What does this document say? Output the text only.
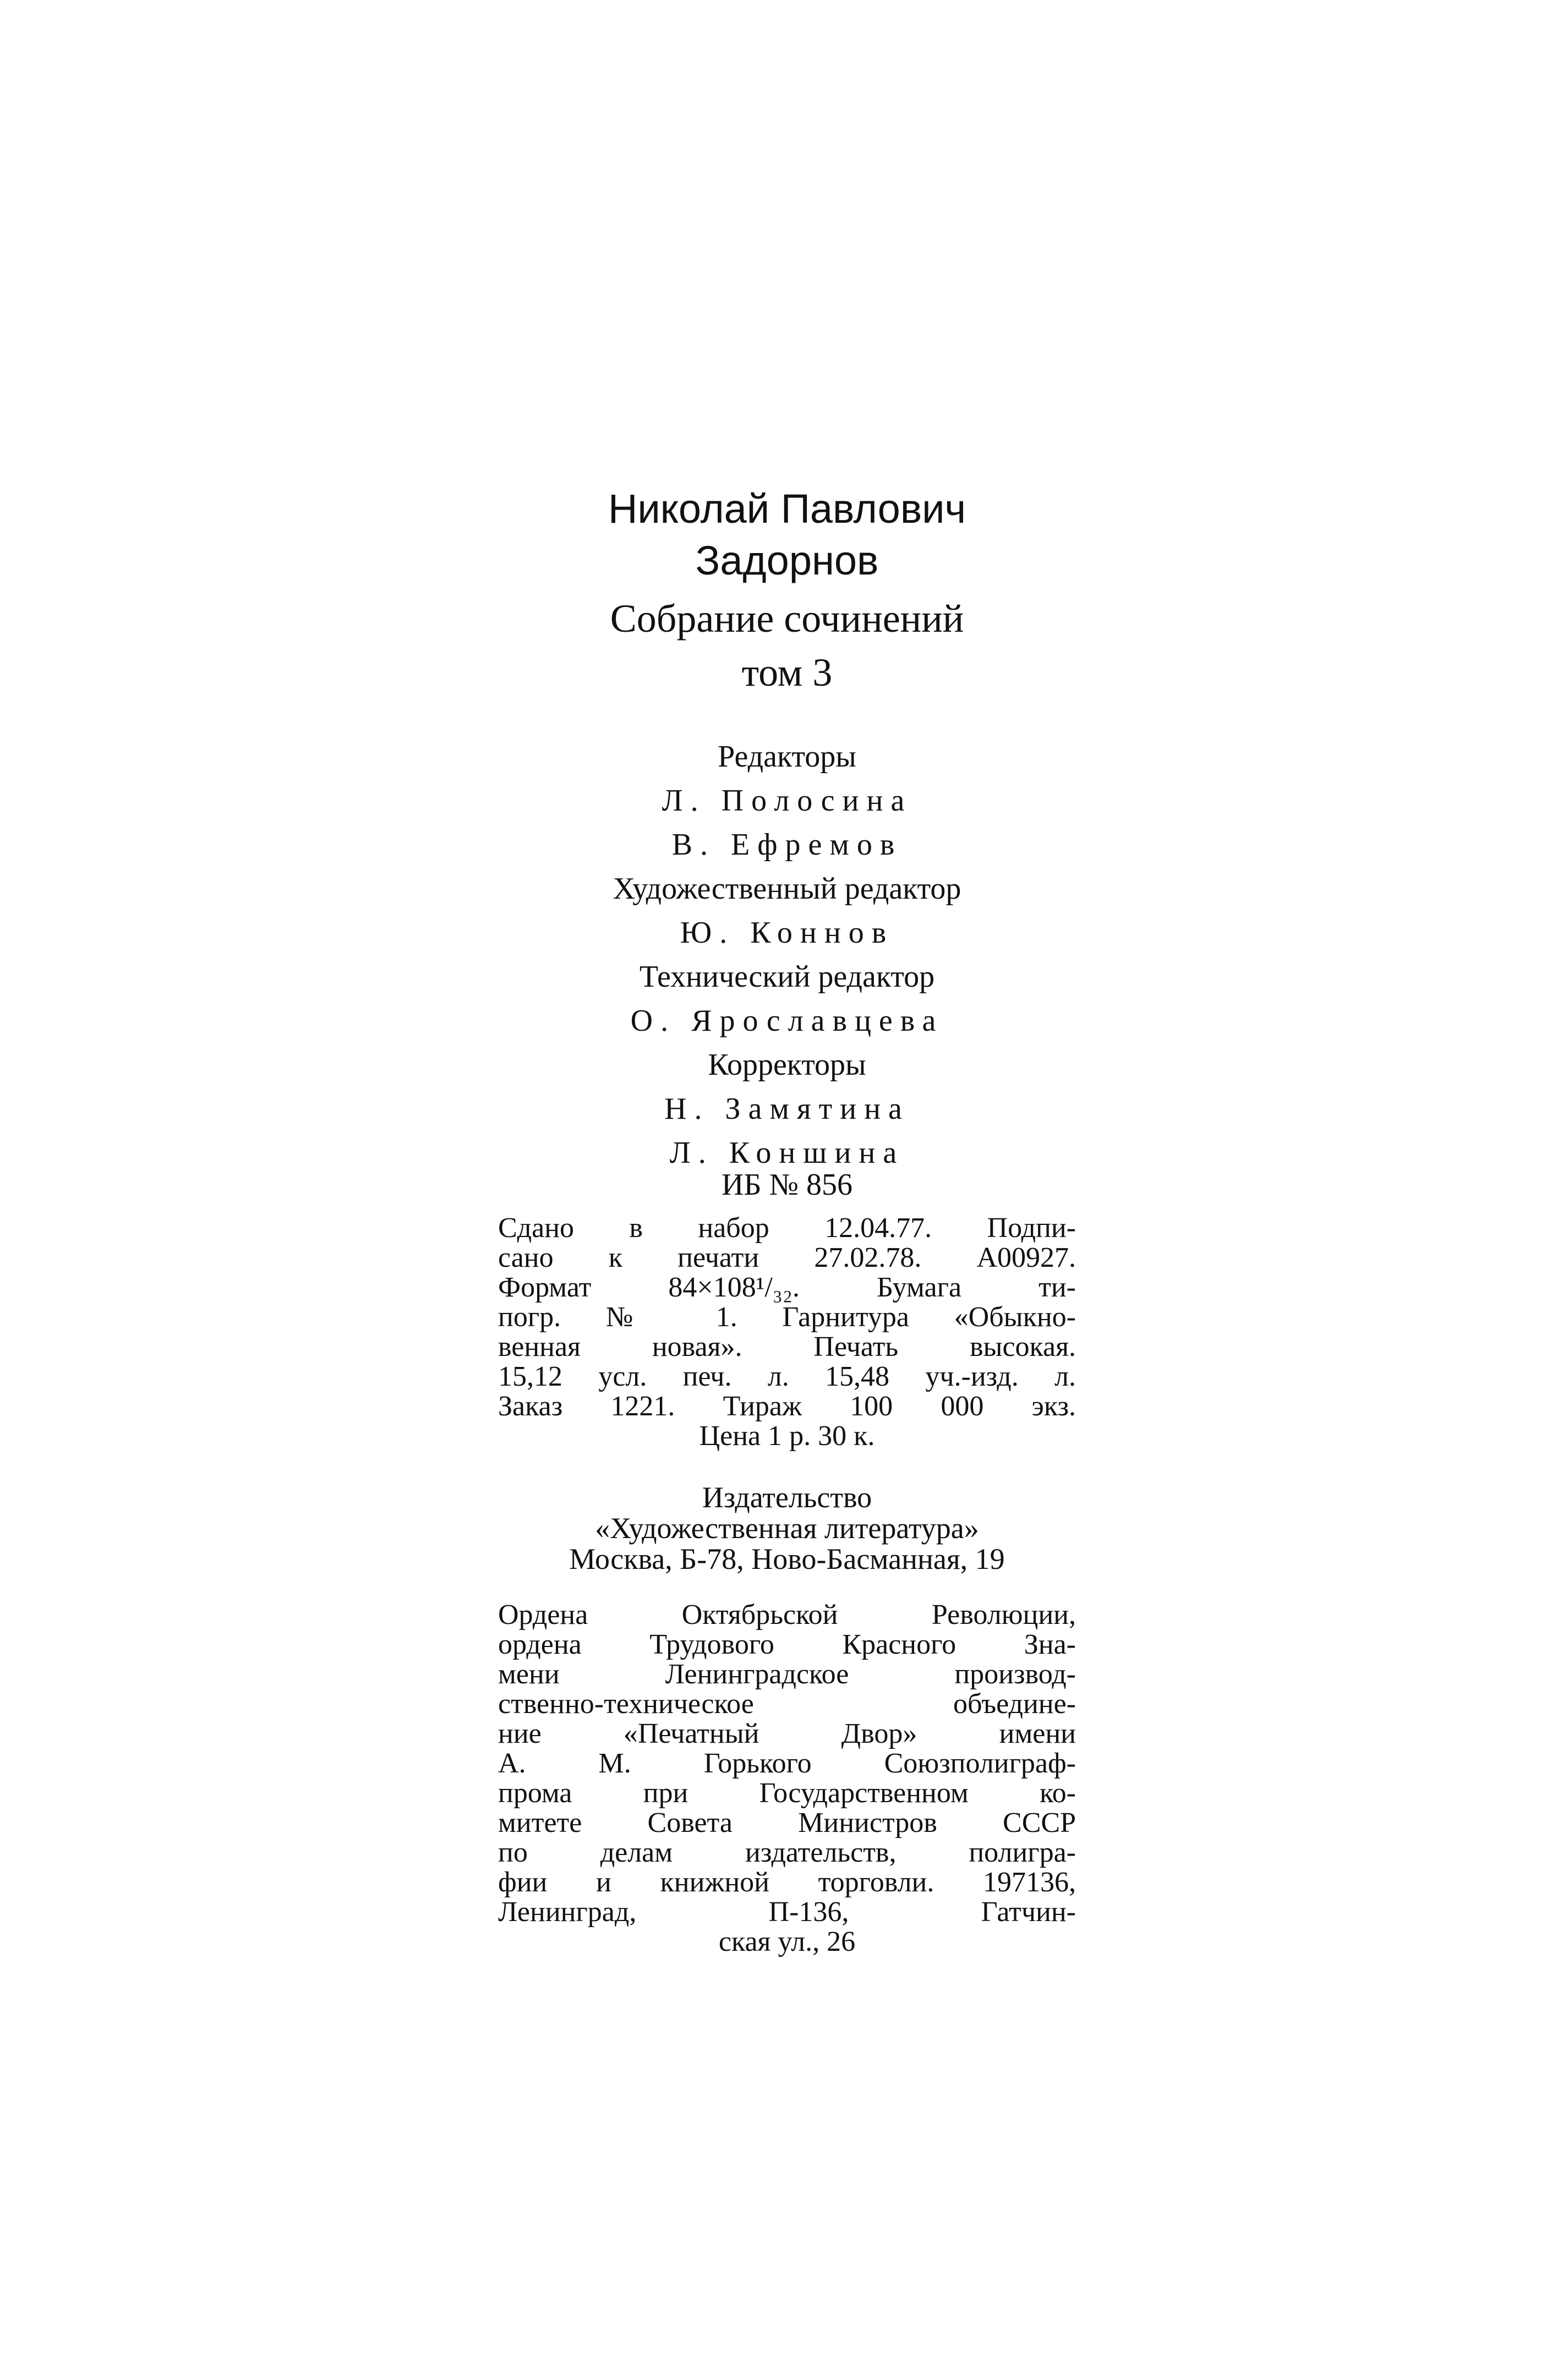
Николай Павлович
Задорнов
Собрание сочинений
том 3
Редакторы
Л. Полосина
В. Ефремов
Художественный редактор
Ю. Коннов
Технический редактор
О. Ярославцева
Корректоры
Н. Замятина
Л. Коншина
ИБ № 856
Сдано в набор 12.04.77. Подпи-
сано к печати 27.02.78. А00927.
Формат 84×108¹/₃₂. Бумага ти-
погр. № 1. Гарнитура «Обыкно-
венная новая». Печать высокая.
15,12 усл. печ. л. 15,48 уч.-изд. л.
Заказ 1221. Тираж 100 000 экз.
Цена 1 р. 30 к.
Издательство
«Художественная литература»
Москва, Б-78, Ново-Басманная, 19
Ордена Октябрьской Революции,
ордена Трудового Красного Зна-
мени Ленинградское производ-
ственно-техническое объедине-
ние «Печатный Двор» имени
А. М. Горького Союзполиграф-
прома при Государственном ко-
митете Совета Министров СССР
по делам издательств, полигра-
фии и книжной торговли. 197136,
Ленинград, П-136, Гатчин-
ская ул., 26
